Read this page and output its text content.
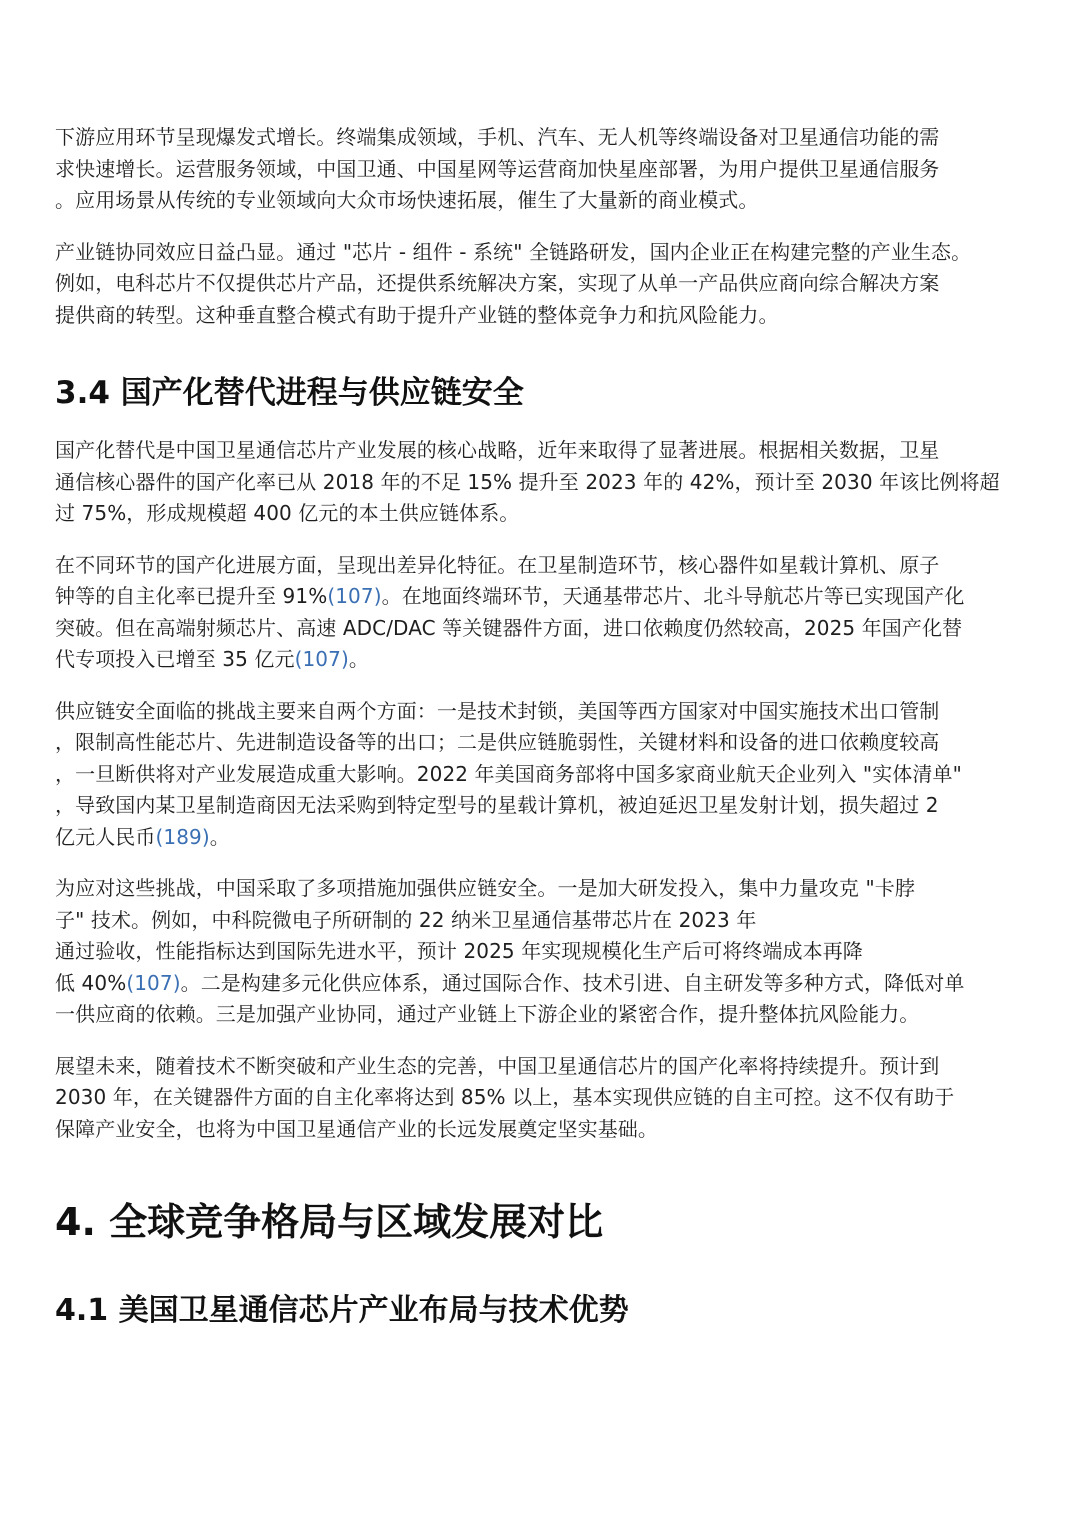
下游应用环节呈现爆发式增长。终端集成领域，手机、汽车、无人机等终端设备对卫星通信功能的需
求快速增长。运营服务领域，中国卫通、中国星网等运营商加快星座部署，为用户提供卫星通信服务
。应用场景从传统的专业领域向大众市场快速拓展，催生了大量新的商业模式。

产业链协同效应日益凸显。通过 "芯片 - 组件 - 系统" 全链路研发，国内企业正在构建完整的产业生态。
例如，电科芯片不仅提供芯片产品，还提供系统解决方案，实现了从单一产品供应商向综合解决方案
提供商的转型。这种垂直整合模式有助于提升产业链的整体竞争力和抗风险能力。

3.4 国产化替代进程与供应链安全

国产化替代是中国卫星通信芯片产业发展的核心战略，近年来取得了显著进展。根据相关数据，卫星
通信核心器件的国产化率已从 2018 年的不足 15% 提升至 2023 年的 42%，预计至 2030 年该比例将超
过 75%，形成规模超 400 亿元的本土供应链体系。

在不同环节的国产化进展方面，呈现出差异化特征。在卫星制造环节，核心器件如星载计算机、原子
钟等的自主化率已提升至 91%(107)。在地面终端环节，天通基带芯片、北斗导航芯片等已实现国产化
突破。但在高端射频芯片、高速 ADC/DAC 等关键器件方面，进口依赖度仍然较高，2025 年国产化替
代专项投入已增至 35 亿元(107)。

供应链安全面临的挑战主要来自两个方面：一是技术封锁，美国等西方国家对中国实施技术出口管制
，限制高性能芯片、先进制造设备等的出口；二是供应链脆弱性，关键材料和设备的进口依赖度较高
，一旦断供将对产业发展造成重大影响。2022 年美国商务部将中国多家商业航天企业列入 "实体清单"
，导致国内某卫星制造商因无法采购到特定型号的星载计算机，被迫延迟卫星发射计划，损失超过 2
亿元人民币(189)。

为应对这些挑战，中国采取了多项措施加强供应链安全。一是加大研发投入，集中力量攻克 "卡脖
子" 技术。例如，中科院微电子所研制的 22 纳米卫星通信基带芯片在 2023 年
通过验收，性能指标达到国际先进水平，预计 2025 年实现规模化生产后可将终端成本再降
低 40%(107)。二是构建多元化供应体系，通过国际合作、技术引进、自主研发等多种方式，降低对单
一供应商的依赖。三是加强产业协同，通过产业链上下游企业的紧密合作，提升整体抗风险能力。

展望未来，随着技术不断突破和产业生态的完善，中国卫星通信芯片的国产化率将持续提升。预计到
2030 年，在关键器件方面的自主化率将达到 85% 以上，基本实现供应链的自主可控。这不仅有助于
保障产业安全，也将为中国卫星通信产业的长远发展奠定坚实基础。

4. 全球竞争格局与区域发展对比
4.1 美国卫星通信芯片产业布局与技术优势
